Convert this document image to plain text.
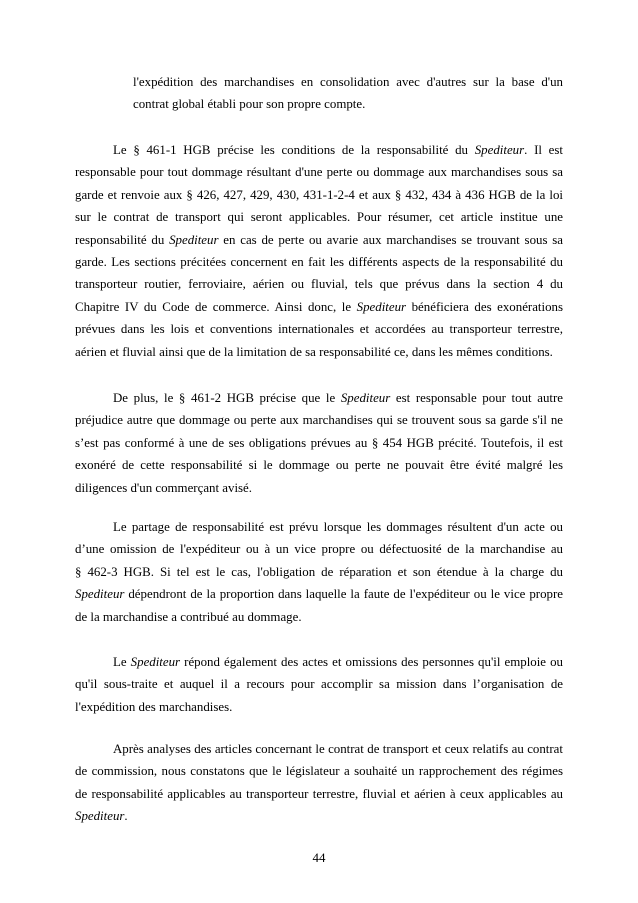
l'expédition des marchandises en consolidation avec d'autres sur la base d'un
contrat global établi pour son propre compte.
Le § 461-1 HGB précise les conditions de la responsabilité du Spediteur. Il est
responsable pour tout dommage résultant d'une perte ou dommage aux marchandises sous sa
garde et renvoie aux § 426, 427, 429, 430, 431-1-2-4 et aux § 432, 434 à 436 HGB de la loi
sur le contrat de transport qui seront applicables. Pour résumer, cet article institue une
responsabilité du Spediteur en cas de perte ou avarie aux marchandises se trouvant sous sa
garde. Les sections précitées concernent en fait les différents aspects de la responsabilité du
transporteur routier, ferroviaire, aérien ou fluvial, tels que prévus dans la section 4 du
Chapitre IV du Code de commerce. Ainsi donc, le Spediteur bénéficiera des exonérations
prévues dans les lois et conventions internationales et accordées au transporteur terrestre,
aérien et fluvial ainsi que de la limitation de sa responsabilité ce, dans les mêmes conditions.
De plus, le § 461-2 HGB précise que le Spediteur est responsable pour tout autre
préjudice autre que dommage ou perte aux marchandises qui se trouvent sous sa garde s'il ne
s’est pas conformé à une de ses obligations prévues au § 454 HGB précité. Toutefois, il est
exonéré de cette responsabilité si le dommage ou perte ne pouvait être évité malgré les
diligences d'un commerçant avisé.
Le partage de responsabilité est prévu lorsque les dommages résultent d'un acte ou
d’une omission de l'expéditeur ou à un vice propre ou défectuosité de la marchandise au
§ 462-3 HGB. Si tel est le cas, l'obligation de réparation et son étendue à la charge du
Spediteur dépendront de la proportion dans laquelle la faute de l'expéditeur ou le vice propre
de la marchandise a contribué au dommage.
Le Spediteur répond également des actes et omissions des personnes qu'il emploie ou
qu'il sous-traite et auquel il a recours pour accomplir sa mission dans l’organisation de
l'expédition des marchandises.
Après analyses des articles concernant le contrat de transport et ceux relatifs au contrat
de commission, nous constatons que le législateur a souhaité un rapprochement des régimes
de responsabilité applicables au transporteur terrestre, fluvial et aérien à ceux applicables au
Spediteur.
44
